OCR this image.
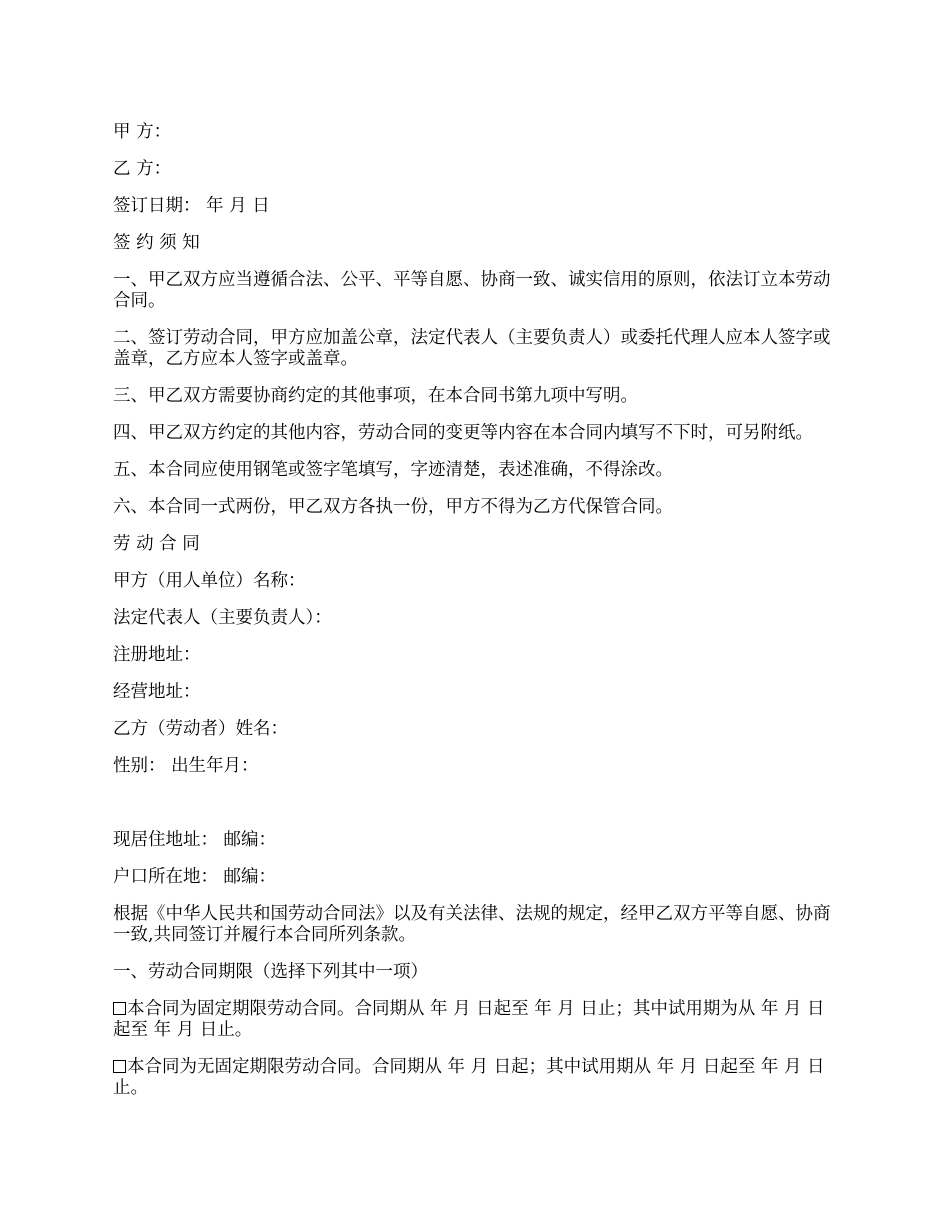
甲 方：

乙 方：

签订日期： 年 月 日

签 约 须 知

一、甲乙双方应当遵循合法、公平、平等自愿、协商一致、诚实信用的原则，依法订立本劳动合同。

二、签订劳动合同，甲方应加盖公章，法定代表人（主要负责人）或委托代理人应本人签字或盖章，乙方应本人签字或盖章。

三、甲乙双方需要协商约定的其他事项，在本合同书第九项中写明。

四、甲乙双方约定的其他内容，劳动合同的变更等内容在本合同内填写不下时，可另附纸。

五、本合同应使用钢笔或签字笔填写，字迹清楚，表述准确，不得涂改。

六、本合同一式两份，甲乙双方各执一份，甲方不得为乙方代保管合同。

劳 动 合 同

甲方（用人单位）名称：

法定代表人（主要负责人）：

注册地址：

经营地址：

乙方（劳动者）姓名：

性别： 出生年月：

现居住地址： 邮编：

户口所在地： 邮编：

根据《中华人民共和国劳动合同法》以及有关法律、法规的规定，经甲乙双方平等自愿、协商一致,共同签订并履行本合同所列条款。

一、劳动合同期限（选择下列其中一项）

本合同为固定期限劳动合同。合同期从 年 月 日起至 年 月 日止；其中试用期为从 年 月 日起至 年 月 日止。

本合同为无固定期限劳动合同。合同期从 年 月 日起；其中试用期从 年 月 日起至 年 月 日止。
